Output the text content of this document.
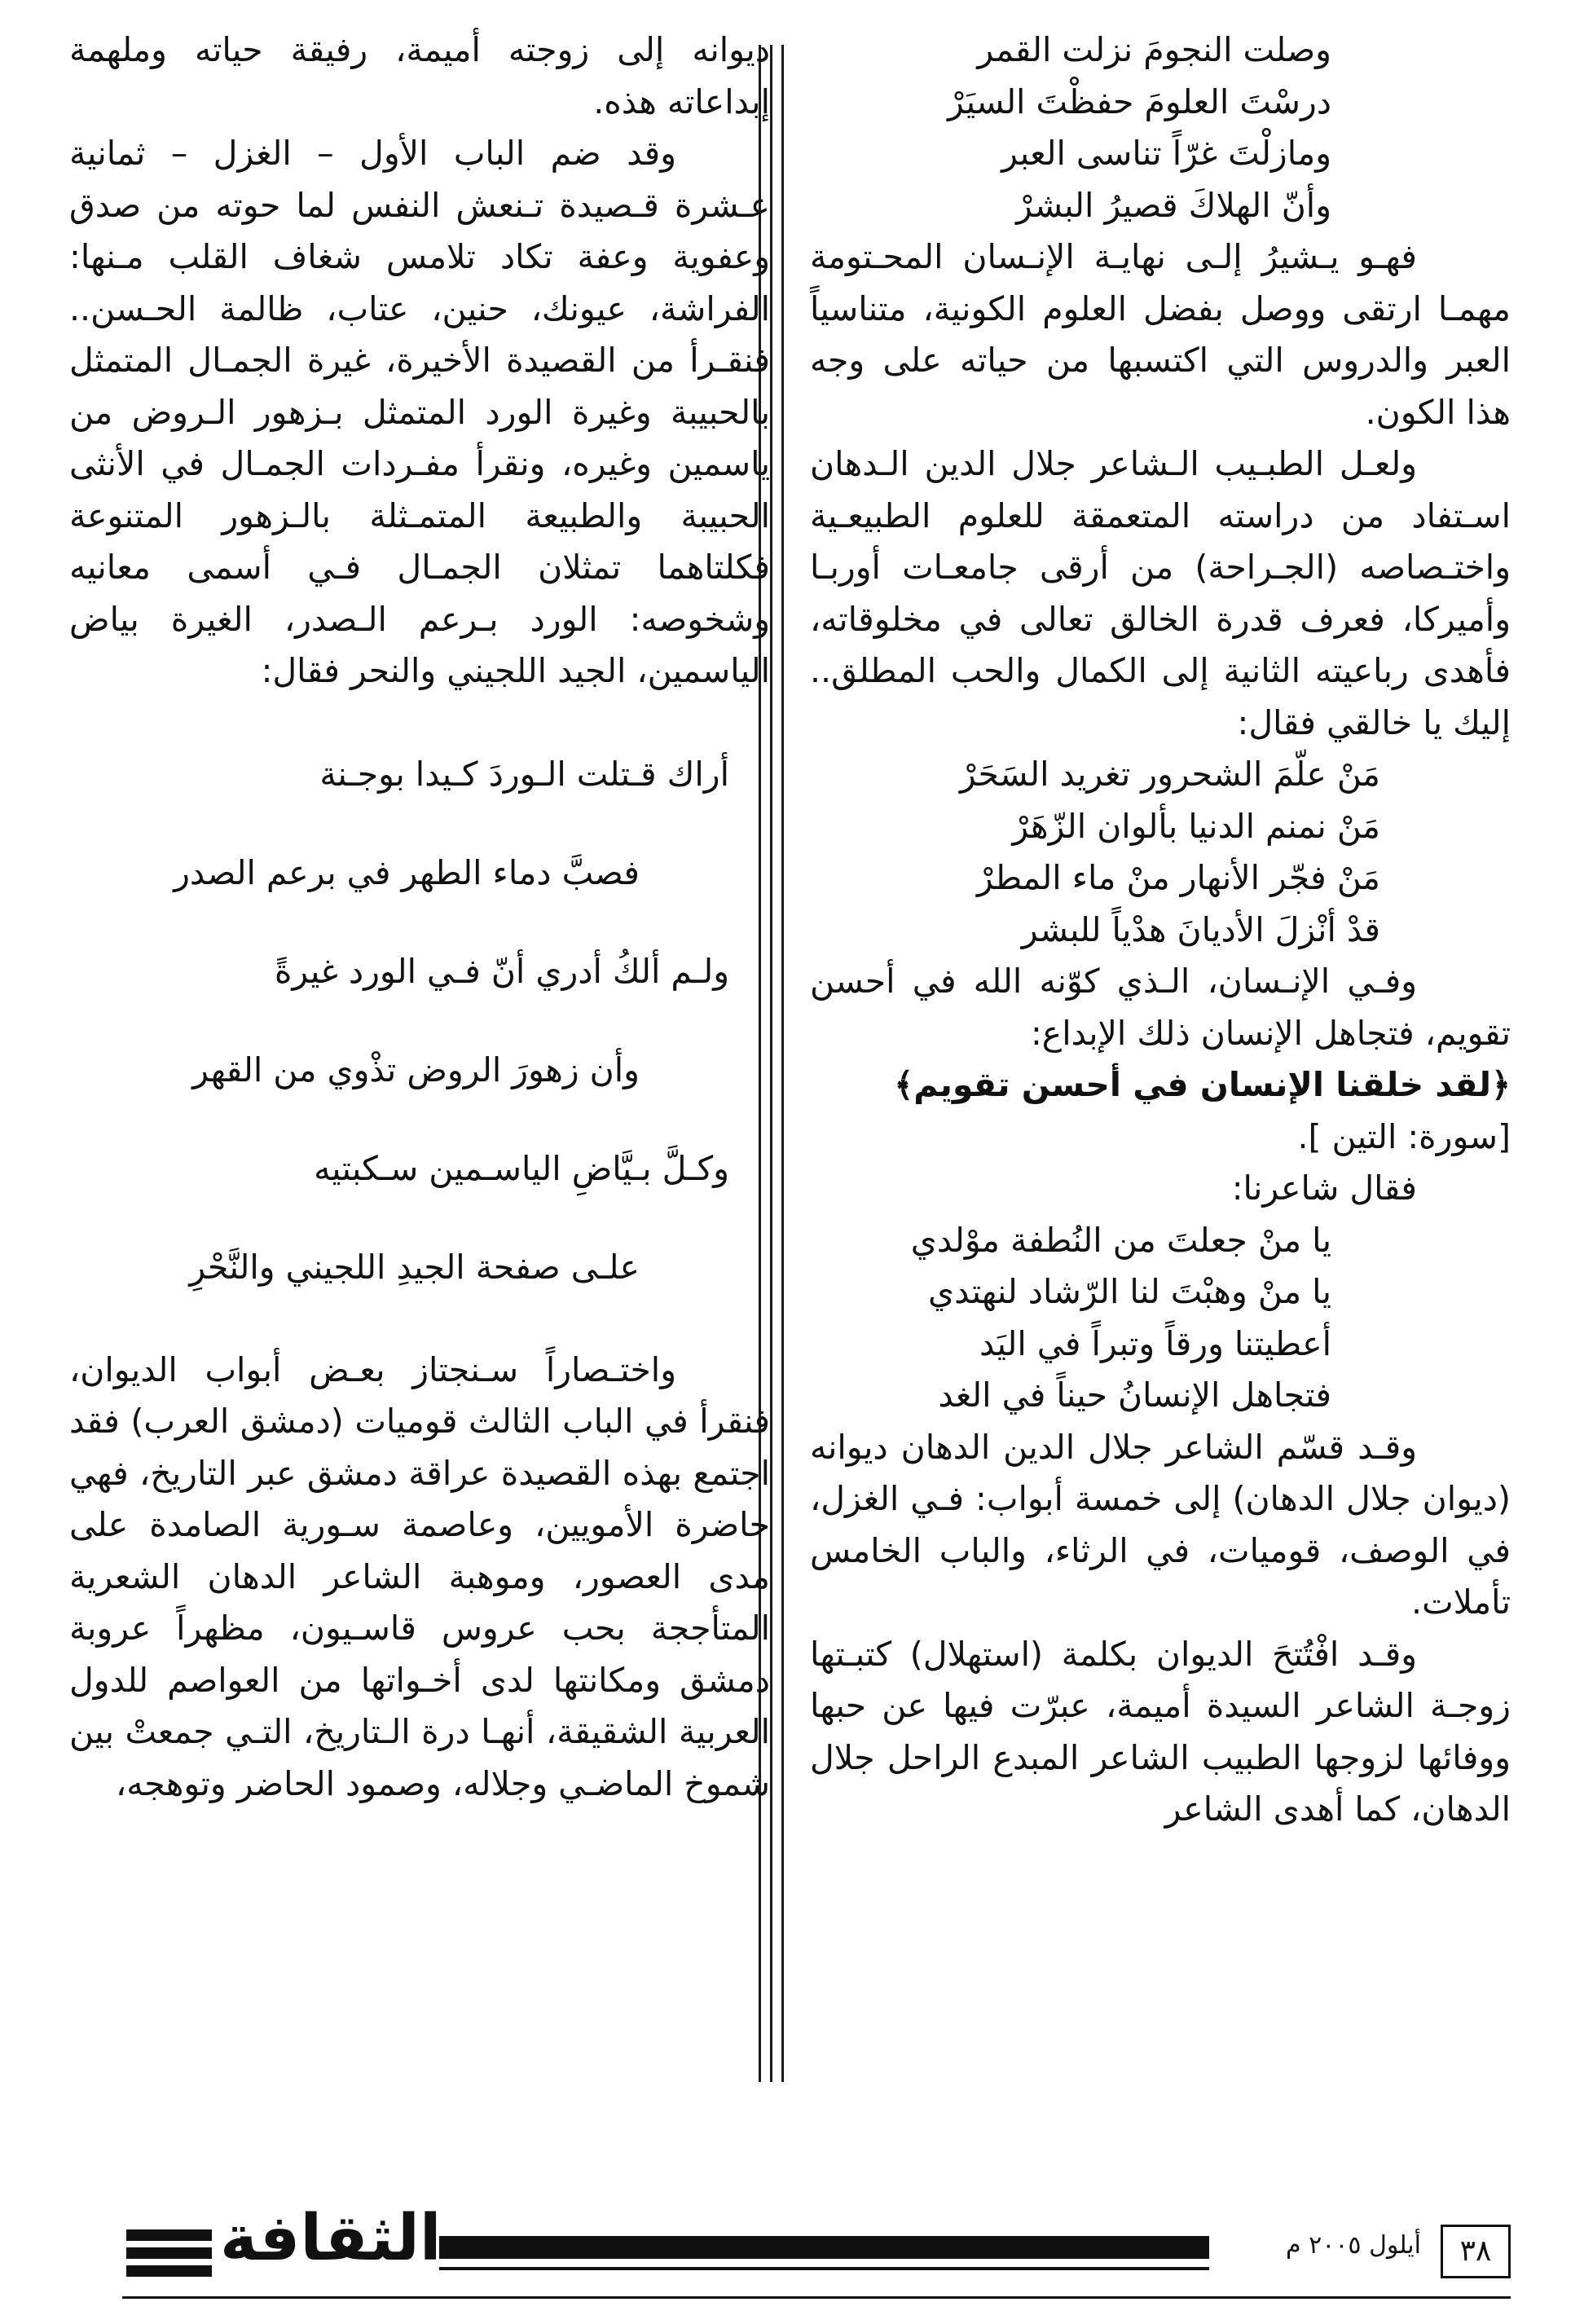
وصلت النجومَ نزلت القمر

درسْتَ العلومَ حفظْتَ السيَرْ

ومازلْتَ غرّاً تناسى العبر

وأنّ الهلاكَ قصيرُ البشرْ

فهـو يـشيرُ إلـى نهايـة الإنـسان المحـتومة مهمـا ارتقى ووصل بفضل العلوم الكونية، متناسياً العبر والدروس التي اكتسبها من حياته على وجه هذا الكون.

ولعـل الطبـيب الـشاعر جلال الدين الـدهان اسـتفاد من دراسته المتعمقة للعلوم الطبيعـية واختـصاصه (الجـراحة) من أرقى جامعـات أوربـا وأميركا، فعرف قدرة الخالق تعالى في مخلوقاته، فأهدى رباعيته الثانية إلى الكمال والحب المطلق.. إليك يا خالقي فقال:

مَنْ علّمَ الشحرور تغريد السَحَرْ

مَنْ نمنم الدنيا بألوان الزّهَرْ

مَنْ فجّر الأنهار منْ ماء المطرْ

قدْ أنْزلَ الأديانَ هدْياً للبشر

وفـي الإنـسان، الـذي كوّنه الله في أحسن تقويم، فتجاهل الإنسان ذلك الإبداع:

﴿لقد خلقنا الإنسان في أحسن تقويم﴾

[سورة: التين ].

فقال شاعرنا:

يا منْ جعلتَ من النُطفة موْلدي

يا منْ وهبْتَ لنا الرّشاد لنهتدي

أعطيتنا ورقاً وتبراً في اليَد

فتجاهل الإنسانُ حيناً في الغد

وقـد قسّم الشاعر جلال الدين الدهان ديوانه (ديوان جلال الدهان) إلى خمسة أبواب: فـي الغزل، في الوصف، قوميات، في الرثاء، والباب الخامس تأملات.

وقـد افْتُتحَ الديوان بكلمة (استهلال) كتبـتها زوجـة الشاعر السيدة أميمة، عبرّت فيها عن حبها ووفائها لزوجها الطبيب الشاعر المبدع الراحل جلال الدهان، كما أهدى الشاعر

ديوانه إلى زوجته أميمة، رفيقة حياته وملهمة إبداعاته هذه.

وقد ضم الباب الأول – الغزل – ثمانية عـشرة قـصيدة تـنعش النفس لما حوته من صدق وعفوية وعفة تكاد تلامس شغاف القلب مـنها: الفراشة، عيونك، حنين، عتاب، ظالمة الحـسن.. فنقـرأ من القصيدة الأخيرة، غيرة الجمـال المتمثل بالحبيبة وغيرة الورد المتمثل بـزهور الـروض من ياسمين وغيره، ونقرأ مفـردات الجمـال في الأنثى الحبيبة والطبيعة المتمـثلة بالـزهور المتنوعة فكلتاهما تمثلان الجمـال فـي أسمى معانيه وشخوصه: الورد بـرعم الـصدر، الغيرة بياض الياسمين، الجيد اللجيني والنحر فقال:

أراك قـتلت الـوردَ كـيدا بوجـنة
فصبَّ دماء الطهر في برعم الصدر
ولـم ألكُ أدري أنّ فـي الورد غيرةً
وأن زهورَ الروض تذْوي من القهر
وكـلَّ بـيَّاضِ الياسـمين سـكبتيه
علـى صفحة الجيدِ اللجيني والنَّحْرِ

واختـصاراً سـنجتاز بعـض أبواب الديوان، فنقرأ في الباب الثالث قوميات (دمشق العرب) فقد اجتمع بهذه القصيدة عراقة دمشق عبر التاريخ، فهي حاضرة الأمويين، وعاصمة سـورية الصامدة على مدى العصور، وموهبة الشاعر الدهان الشعرية المتأججة بحب عروس قاسـيون، مظهراً عروبة دمشق ومكانتها لدى أخـواتها من العواصم للدول العربية الشقيقة، أنهـا درة الـتاريخ، التـي جمعتْ بين شموخ الماضـي وجلاله، وصمود الحاضر وتوهجه،

٣٨
أيلول ٢٠٠٥ م
الثقافة
